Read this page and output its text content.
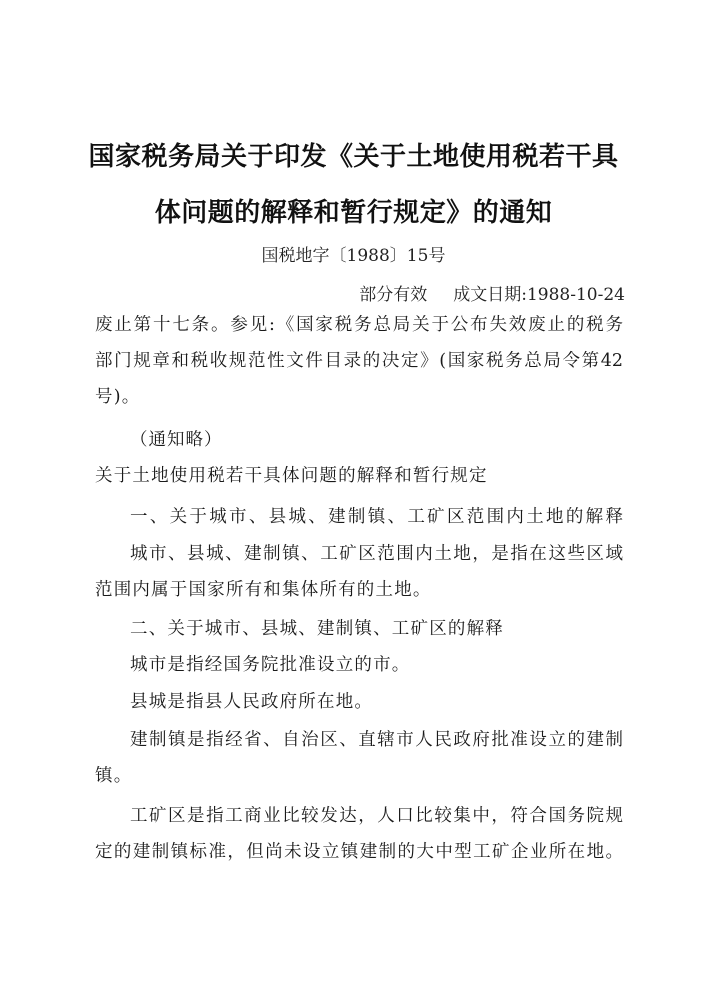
国家税务局关于印发《关于土地使用税若干具
体问题的解释和暂行规定》的通知
国税地字〔1988〕15号
部分有效 成文日期:1988-10-24
废止第十七条。参见:《国家税务总局关于公布失效废止的税务
部门规章和税收规范性文件目录的决定》(国家税务总局令第42
号)。
（通知略）
关于土地使用税若干具体问题的解释和暂行规定
一、关于城市、县城、建制镇、工矿区范围内土地的解释
城市、县城、建制镇、工矿区范围内土地，是指在这些区域
范围内属于国家所有和集体所有的土地。
二、关于城市、县城、建制镇、工矿区的解释
城市是指经国务院批准设立的市。
县城是指县人民政府所在地。
建制镇是指经省、自治区、直辖市人民政府批准设立的建制
镇。
工矿区是指工商业比较发达，人口比较集中，符合国务院规
定的建制镇标准，但尚未设立镇建制的大中型工矿企业所在地。
